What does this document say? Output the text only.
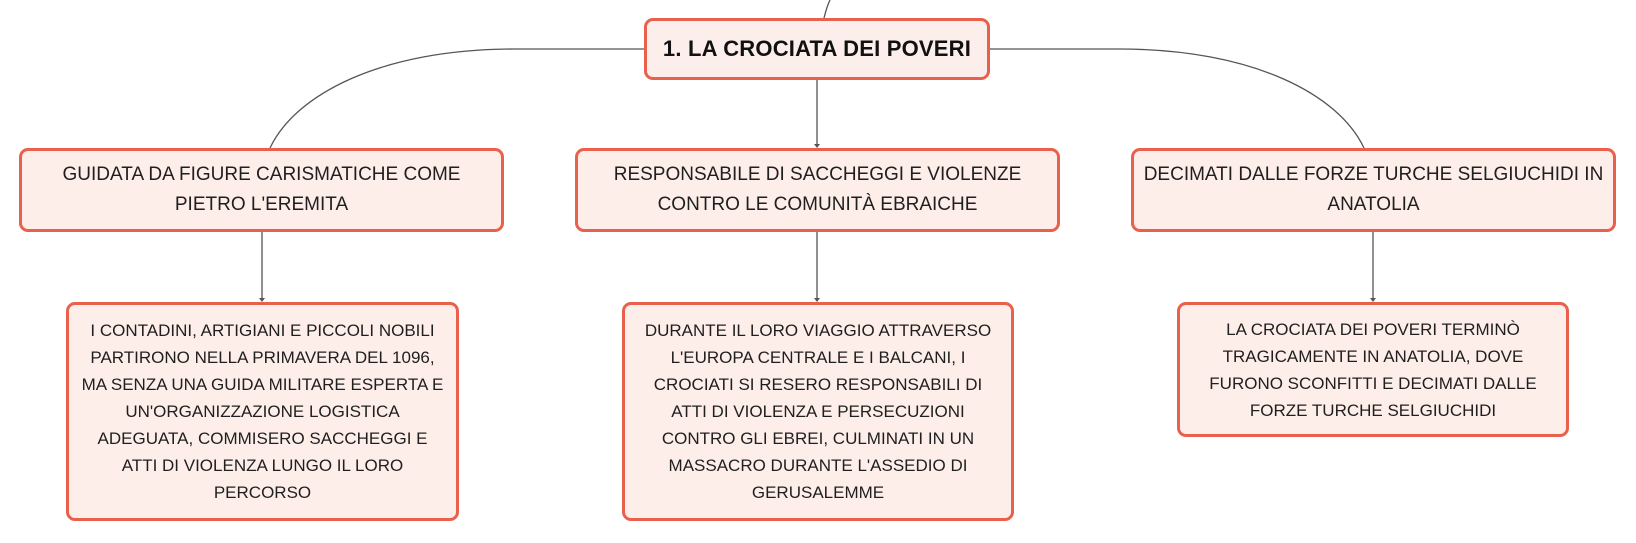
1. LA CROCIATA DEI POVERI
GUIDATA DA FIGURE CARISMATICHE COME PIETRO L'EREMITA
RESPONSABILE DI SACCHEGGI E VIOLENZE CONTRO LE COMUNITÀ EBRAICHE
DECIMATI DALLE FORZE TURCHE SELGIUCHIDI IN ANATOLIA
I CONTADINI, ARTIGIANI E PICCOLI NOBILI PARTIRONO NELLA PRIMAVERA DEL 1096, MA SENZA UNA GUIDA MILITARE ESPERTA E UN'ORGANIZZAZIONE LOGISTICA ADEGUATA, COMMISERO SACCHEGGI E ATTI DI VIOLENZA LUNGO IL LORO PERCORSO
DURANTE IL LORO VIAGGIO ATTRAVERSO L'EUROPA CENTRALE E I BALCANI, I CROCIATI SI RESERO RESPONSABILI DI ATTI DI VIOLENZA E PERSECUZIONI CONTRO GLI EBREI, CULMINATI IN UN MASSACRO DURANTE L'ASSEDIO DI GERUSALEMME
LA CROCIATA DEI POVERI TERMINÒ TRAGICAMENTE IN ANATOLIA, DOVE FURONO SCONFITTI E DECIMATI DALLE FORZE TURCHE SELGIUCHIDI
